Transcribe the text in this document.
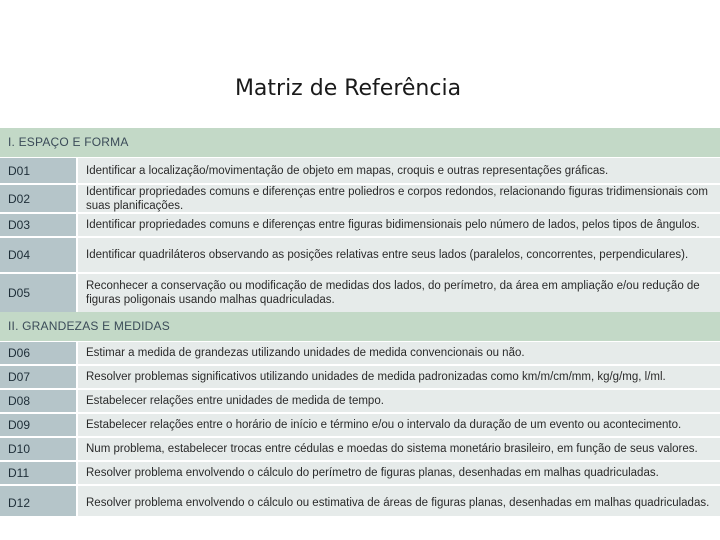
Matriz de Referência
I. ESPAÇO E FORMA
D01	Identificar a localização/movimentação de objeto em mapas, croquis e outras representações gráficas.
D02	Identificar propriedades comuns e diferenças entre poliedros e corpos redondos, relacionando figuras tridimensionais com suas planificações.
D03	Identificar propriedades comuns e diferenças entre figuras bidimensionais pelo número de lados, pelos tipos de ângulos.
D04	Identificar quadriláteros observando as posições relativas entre seus lados (paralelos, concorrentes, perpendiculares).
D05	Reconhecer a conservação ou modificação de medidas dos lados, do perímetro, da área em ampliação e/ou redução de figuras poligonais usando malhas quadriculadas.
II. GRANDEZAS E MEDIDAS
D06	Estimar a medida de grandezas utilizando unidades de medida convencionais ou não.
D07	Resolver problemas significativos utilizando unidades de medida padronizadas como km/m/cm/mm, kg/g/mg, l/ml.
D08	Estabelecer relações entre unidades de medida de tempo.
D09	Estabelecer relações entre o horário de início e término e/ou o intervalo da duração de um evento ou acontecimento.
D10	Num problema, estabelecer trocas entre cédulas e moedas do sistema monetário brasileiro, em função de seus valores.
D11	Resolver problema envolvendo o cálculo do perímetro de figuras planas, desenhadas em malhas quadriculadas.
D12	Resolver problema envolvendo o cálculo ou estimativa de áreas de figuras planas, desenhadas em malhas quadriculadas.
